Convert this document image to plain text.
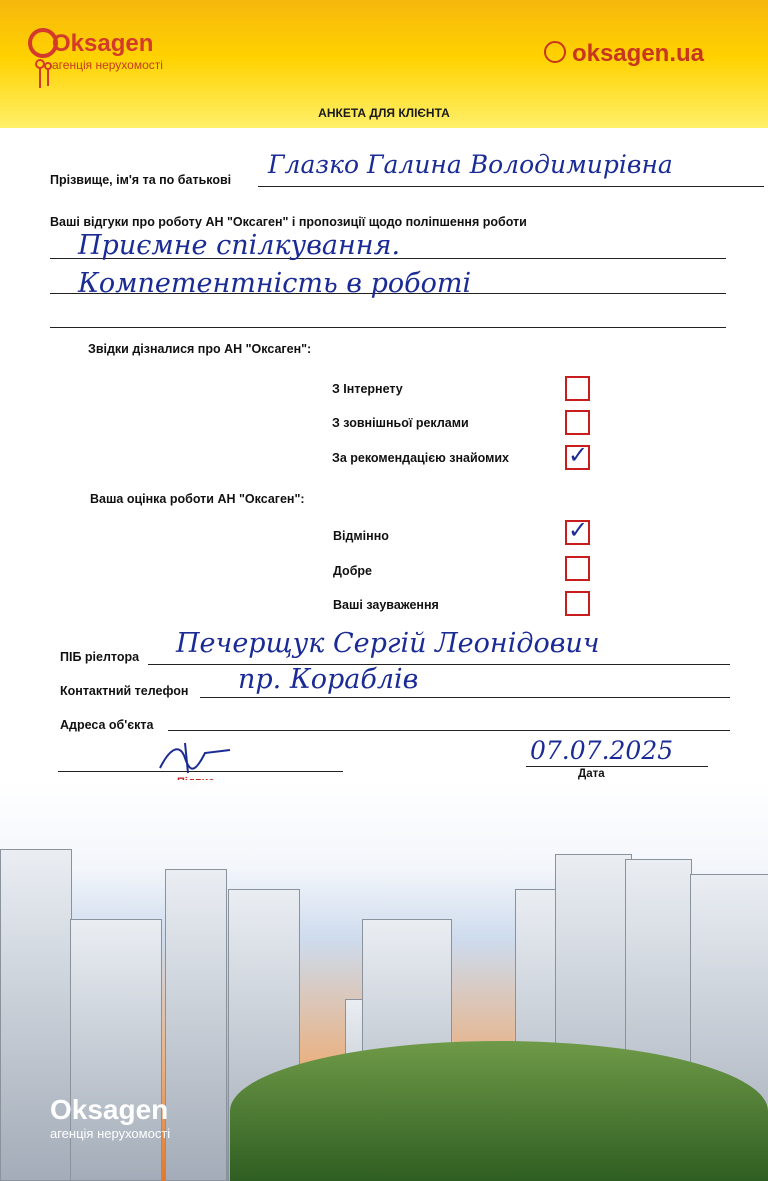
Oksagen
агенція нерухомості	oksagen.ua
АНКЕТА ДЛЯ КЛІЄНТА
Прізвище, ім'я та по батькові
Глазко Галина Володимирівна
Ваші відгуки про роботу АН "Оксаген" і пропозиції щодо поліпшення роботи
Приємне спілкування.
Компетентність в роботі
Звідки дізналися про АН "Оксаген":
З Інтернету
З зовнішньої реклами
За рекомендацією знайомих ✓
Ваша оцінка роботи АН "Оксаген":
Відмінно	✓
Добре
Ваші зауваження
ПІБ ріелтора Печерщук Сергій Леонідович
Контактний телефон пр. Кораблів
Адреса об'єкта
07.07.2025
Дата
Oksagen
агенція нерухомості
